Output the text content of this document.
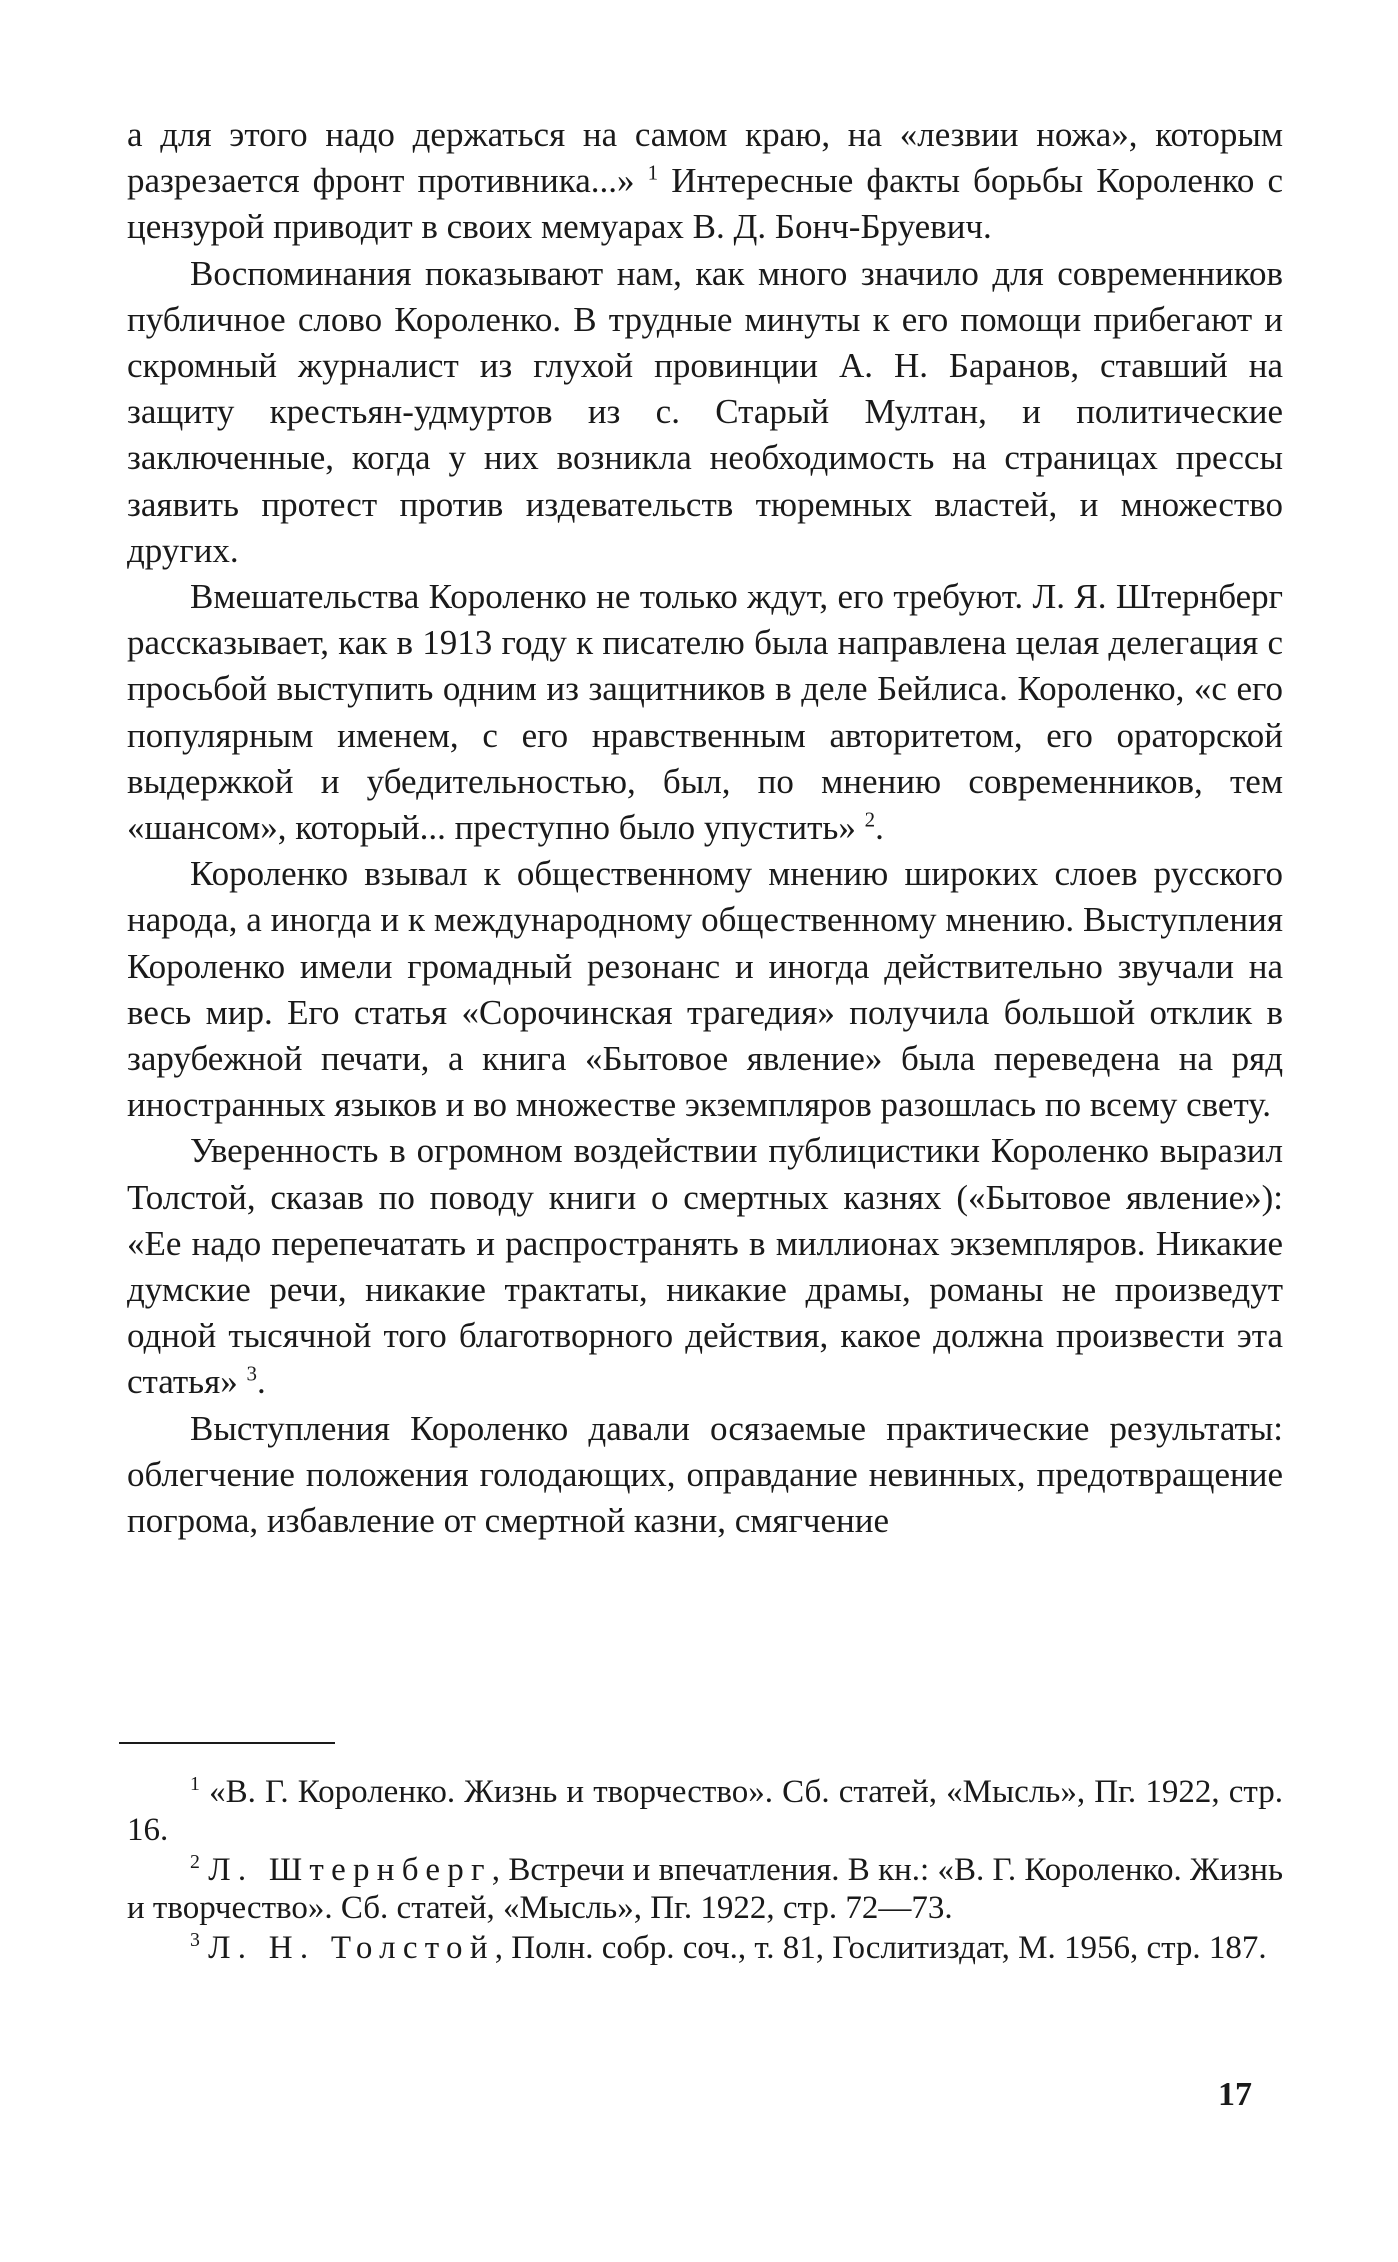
а для этого надо держаться на самом краю, на «лезвии ножа», которым разрезается фронт противника...» $^1$ Интересные факты борьбы Короленко с цензурой приводит в своих мемуарах В. Д. Бонч-Бруевич.

Воспоминания показывают нам, как много значило для современников публичное слово Короленко. В трудные минуты к его помощи прибегают и скромный журналист из глухой провинции А. Н. Баранов, ставший на защиту крестьян-удмуртов из с. Старый Мултан, и политические заключенные, когда у них возникла необходимость на страницах прессы заявить протест против издевательств тюремных властей, и множество других.

Вмешательства Короленко не только ждут, его требуют. Л. Я. Штернберг рассказывает, как в 1913 году к писателю была направлена целая делегация с просьбой выступить одним из защитников в деле Бейлиса. Короленко, «с его популярным именем, с его нравственным авторитетом, его ораторской выдержкой и убедительностью, был, по мнению современников, тем «шансом», который... преступно было упустить» $^2$.

Короленко взывал к общественному мнению широких слоев русского народа, а иногда и к международному общественному мнению. Выступления Короленко имели громадный резонанс и иногда действительно звучали на весь мир. Его статья «Сорочинская трагедия» получила большой отклик в зарубежной печати, а книга «Бытовое явление» была переведена на ряд иностранных языков и во множестве экземпляров разошлась по всему свету.

Уверенность в огромном воздействии публицистики Короленко выразил Толстой, сказав по поводу книги о смертных казнях («Бытовое явление»): «Ее надо перепечатать и распространять в миллионах экземпляров. Никакие думские речи, никакие трактаты, никакие драмы, романы не произведут одной тысячной того благотворного действия, какое должна произвести эта статья» $^3$.

Выступления Короленко давали осязаемые практические результаты: облегчение положения голодающих, оправдание невинных, предотвращение погрома, избавление от смертной казни, смягчение

$^1$ «В. Г. Короленко. Жизнь и творчество». Сб. статей, «Мысль», Пг. 1922, стр. 16.

$^2$ Л. Штернберг, Встречи и впечатления. В кн.: «В. Г. Короленко. Жизнь и творчество». Сб. статей, «Мысль», Пг. 1922, стр. 72—73.

$^3$ Л. Н. Толстой, Полн. собр. соч., т. 81, Гослитиздат, М. 1956, стр. 187.

17
